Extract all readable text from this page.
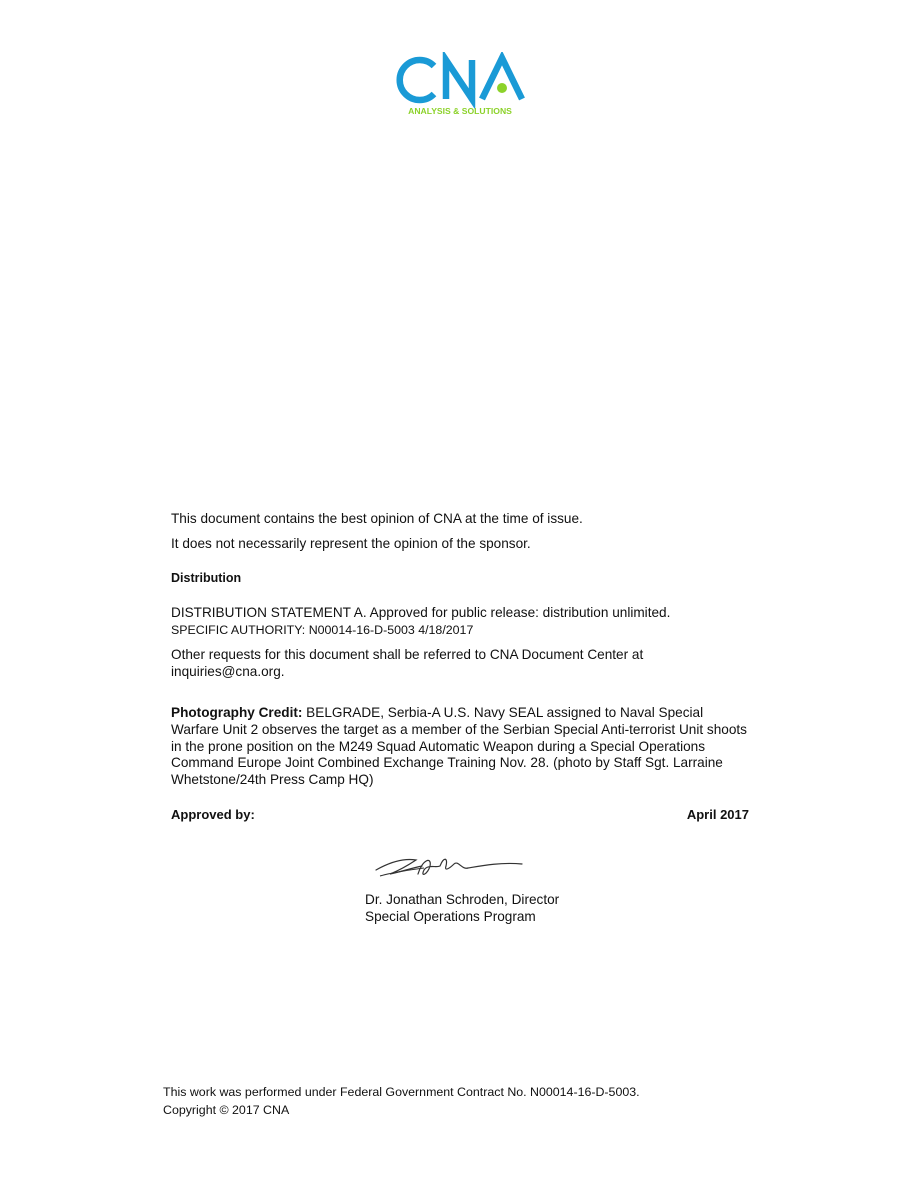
ANALYSIS & SOLUTIONS
This document contains the best opinion of CNA at the time of issue.
It does not necessarily represent the opinion of the sponsor.
Distribution
DISTRIBUTION STATEMENT A. Approved for public release: distribution unlimited.
SPECIFIC AUTHORITY: N00014-16-D-5003 4/18/2017
Other requests for this document shall be referred to CNA Document Center at inquiries@cna.org.
Photography Credit: BELGRADE, Serbia-A U.S. Navy SEAL assigned to Naval Special Warfare Unit 2 observes the target as a member of the Serbian Special Anti-terrorist Unit shoots in the prone position on the M249 Squad Automatic Weapon during a Special Operations Command Europe Joint Combined Exchange Training Nov. 28. (photo by Staff Sgt. Larraine Whetstone/24th Press Camp HQ)
Approved by:	April 2017
Dr. Jonathan Schroden, Director
Special Operations Program
This work was performed under Federal Government Contract No. N00014-16-D-5003.
Copyright © 2017 CNA
